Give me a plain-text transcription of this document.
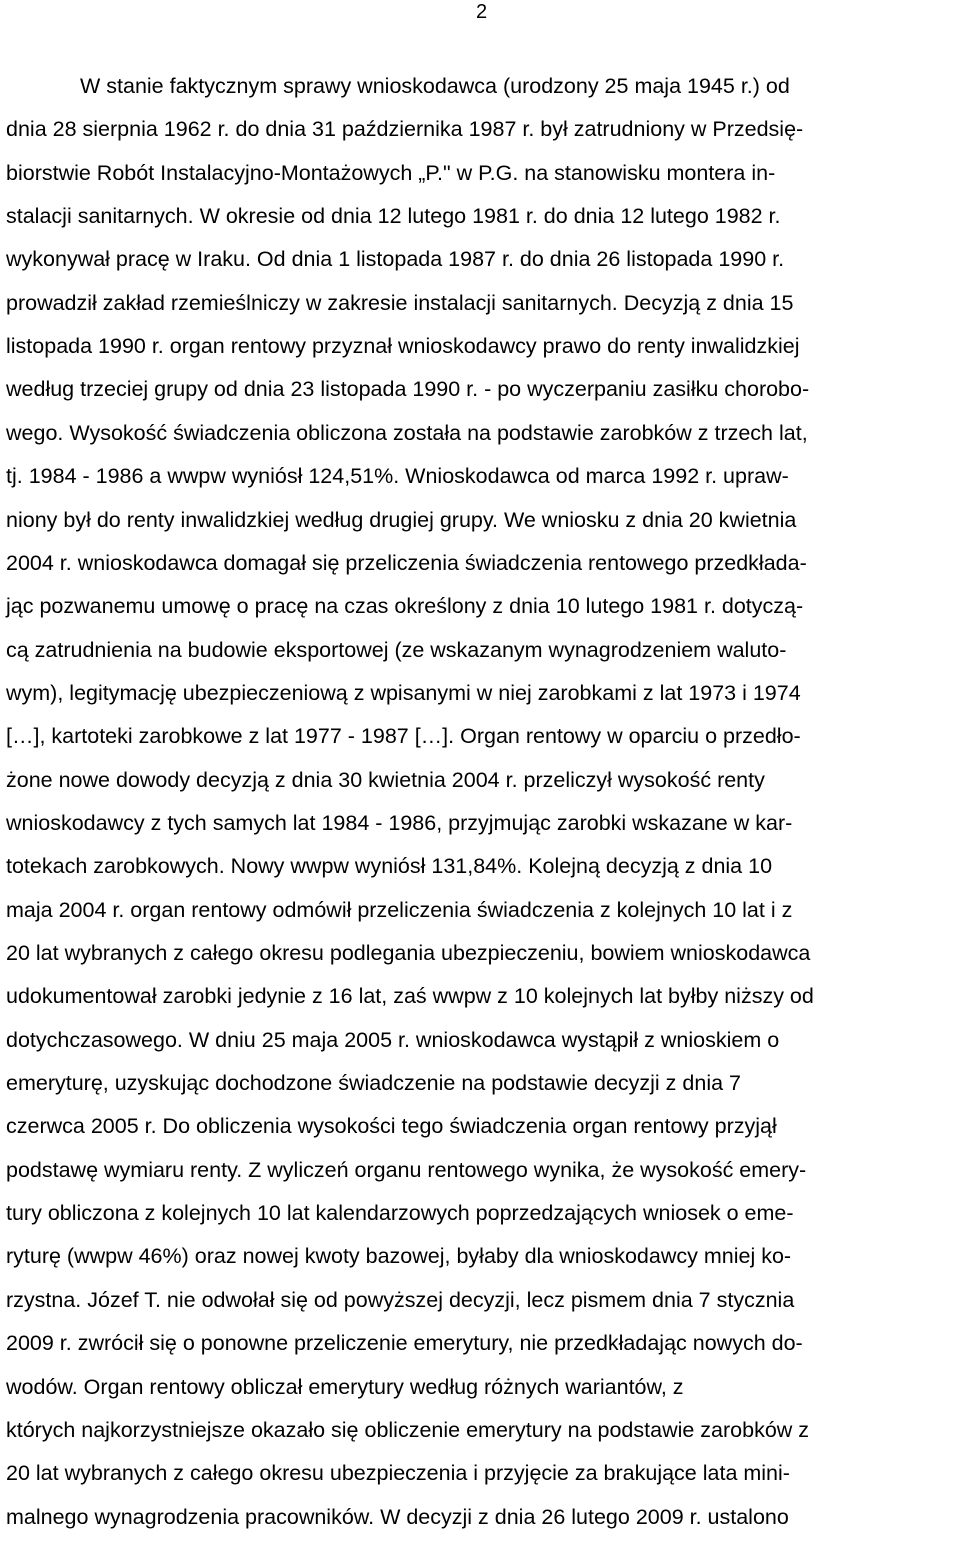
2
W stanie faktycznym sprawy wnioskodawca (urodzony 25 maja 1945 r.) od
dnia 28 sierpnia 1962 r. do dnia 31 października 1987 r. był zatrudniony w Przedsię-
biorstwie Robót Instalacyjno-Montażowych „P." w P.G. na stanowisku montera in-
stalacji sanitarnych. W okresie od dnia 12 lutego 1981 r. do dnia 12 lutego 1982 r.
wykonywał pracę w Iraku. Od dnia 1 listopada 1987 r. do dnia 26 listopada 1990 r.
prowadził zakład rzemieślniczy w zakresie instalacji sanitarnych. Decyzją z dnia 15
listopada 1990 r. organ rentowy przyznał wnioskodawcy prawo do renty inwalidzkiej
według trzeciej grupy od dnia 23 listopada 1990 r. - po wyczerpaniu zasiłku chorobo-
wego. Wysokość świadczenia obliczona została na podstawie zarobków z trzech lat,
tj. 1984 - 1986 a wwpw wyniósł 124,51%. Wnioskodawca od marca 1992 r. upraw-
niony był do renty inwalidzkiej według drugiej grupy. We wniosku z dnia 20 kwietnia
2004 r. wnioskodawca domagał się przeliczenia świadczenia rentowego przedkłada-
jąc pozwanemu umowę o pracę na czas określony z dnia 10 lutego 1981 r. dotyczą-
cą zatrudnienia na budowie eksportowej (ze wskazanym wynagrodzeniem waluto-
wym), legitymację ubezpieczeniową z wpisanymi w niej zarobkami z lat 1973 i 1974
[…], kartoteki zarobkowe z lat 1977 - 1987 […]. Organ rentowy w oparciu o przedło-
żone nowe dowody decyzją z dnia 30 kwietnia 2004 r. przeliczył wysokość renty
wnioskodawcy z tych samych lat 1984 - 1986, przyjmując zarobki wskazane w kar-
totekach zarobkowych. Nowy wwpw wyniósł 131,84%. Kolejną decyzją z dnia 10
maja 2004 r. organ rentowy odmówił przeliczenia świadczenia z kolejnych 10 lat i z
20 lat wybranych z całego okresu podlegania ubezpieczeniu, bowiem wnioskodawca
udokumentował zarobki jedynie z 16 lat, zaś wwpw z 10 kolejnych lat byłby niższy od
dotychczasowego. W dniu 25 maja 2005 r. wnioskodawca wystąpił z wnioskiem o
emeryturę, uzyskując dochodzone świadczenie na podstawie decyzji z dnia 7
czerwca 2005 r. Do obliczenia wysokości tego świadczenia organ rentowy przyjął
podstawę wymiaru renty. Z wyliczeń organu rentowego wynika, że wysokość emery-
tury obliczona z kolejnych 10 lat kalendarzowych poprzedzających wniosek o eme-
ryturę (wwpw 46%) oraz nowej kwoty bazowej, byłaby dla wnioskodawcy mniej ko-
rzystna. Józef T. nie odwołał się od powyższej decyzji, lecz pismem dnia 7 stycznia
2009 r. zwrócił się o ponowne przeliczenie emerytury, nie przedkładając nowych do-
wodów. Organ rentowy obliczał emerytury według różnych wariantów, z
których najkorzystniejsze okazało się obliczenie emerytury na podstawie zarobków z
20 lat wybranych z całego okresu ubezpieczenia i przyjęcie za brakujące lata mini-
malnego wynagrodzenia pracowników. W decyzji z dnia 26 lutego 2009 r. ustalono
